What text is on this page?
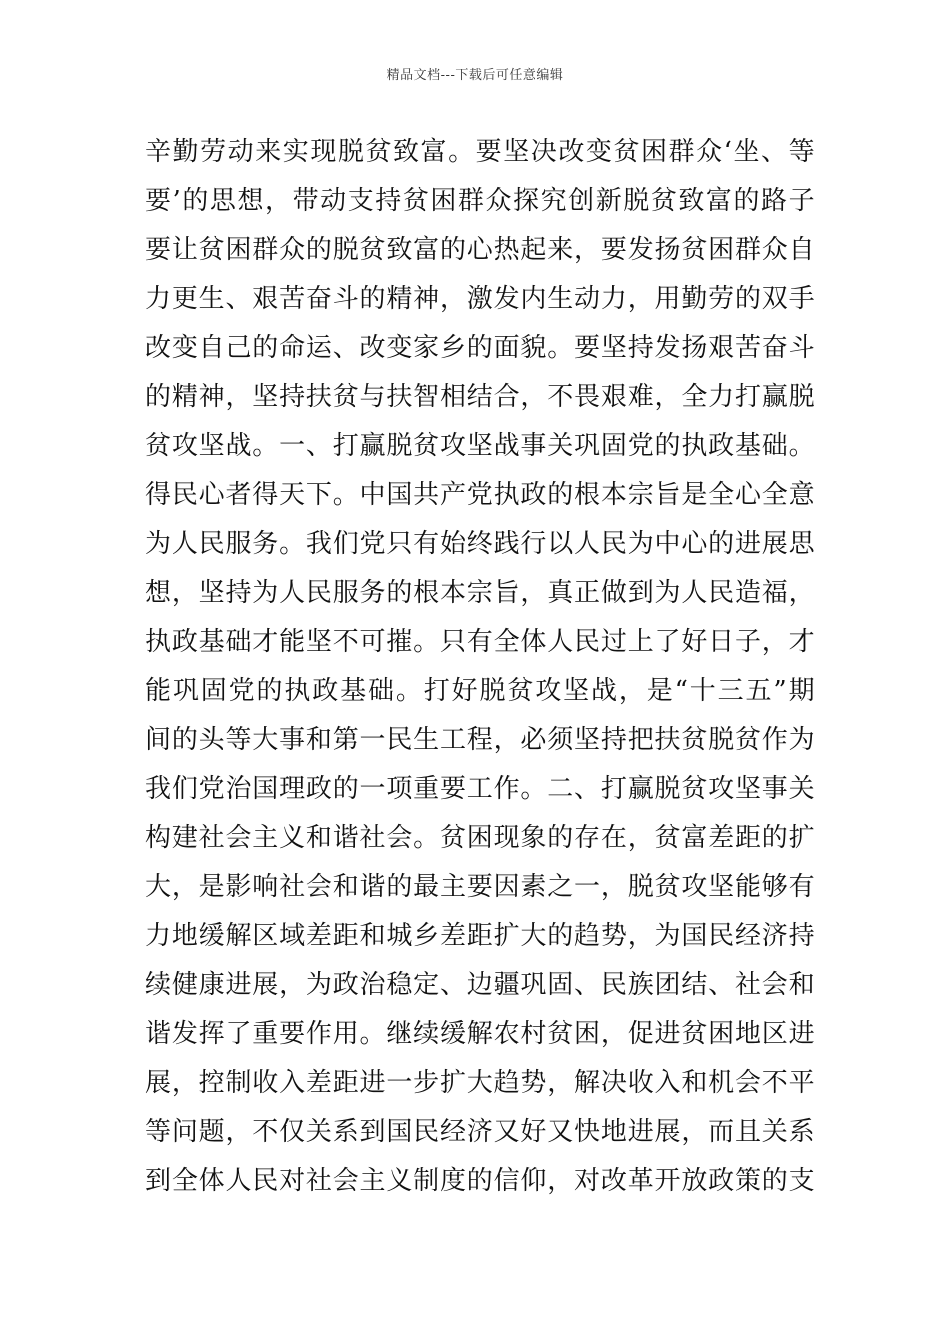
精品文档---下载后可任意编辑
辛勤劳动来实现脱贫致富。要坚决改变贫困群众‘坐、等
要’的思想，带动支持贫困群众探究创新脱贫致富的路子
要让贫困群众的脱贫致富的心热起来，要发扬贫困群众自
力更生、艰苦奋斗的精神，激发内生动力，用勤劳的双手
改变自己的命运、改变家乡的面貌。要坚持发扬艰苦奋斗
的精神，坚持扶贫与扶智相结合，不畏艰难，全力打赢脱
贫攻坚战。一、打赢脱贫攻坚战事关巩固党的执政基础。
得民心者得天下。中国共产党执政的根本宗旨是全心全意
为人民服务。我们党只有始终践行以人民为中心的进展思
想，坚持为人民服务的根本宗旨，真正做到为人民造福，
执政基础才能坚不可摧。只有全体人民过上了好日子，才
能巩固党的执政基础。打好脱贫攻坚战，是“十三五”期
间的头等大事和第一民生工程，必须坚持把扶贫脱贫作为
我们党治国理政的一项重要工作。二、打赢脱贫攻坚事关
构建社会主义和谐社会。贫困现象的存在，贫富差距的扩
大，是影响社会和谐的最主要因素之一，脱贫攻坚能够有
力地缓解区域差距和城乡差距扩大的趋势，为国民经济持
续健康进展，为政治稳定、边疆巩固、民族团结、社会和
谐发挥了重要作用。继续缓解农村贫困，促进贫困地区进
展，控制收入差距进一步扩大趋势，解决收入和机会不平
等问题，不仅关系到国民经济又好又快地进展，而且关系
到全体人民对社会主义制度的信仰，对改革开放政策的支
